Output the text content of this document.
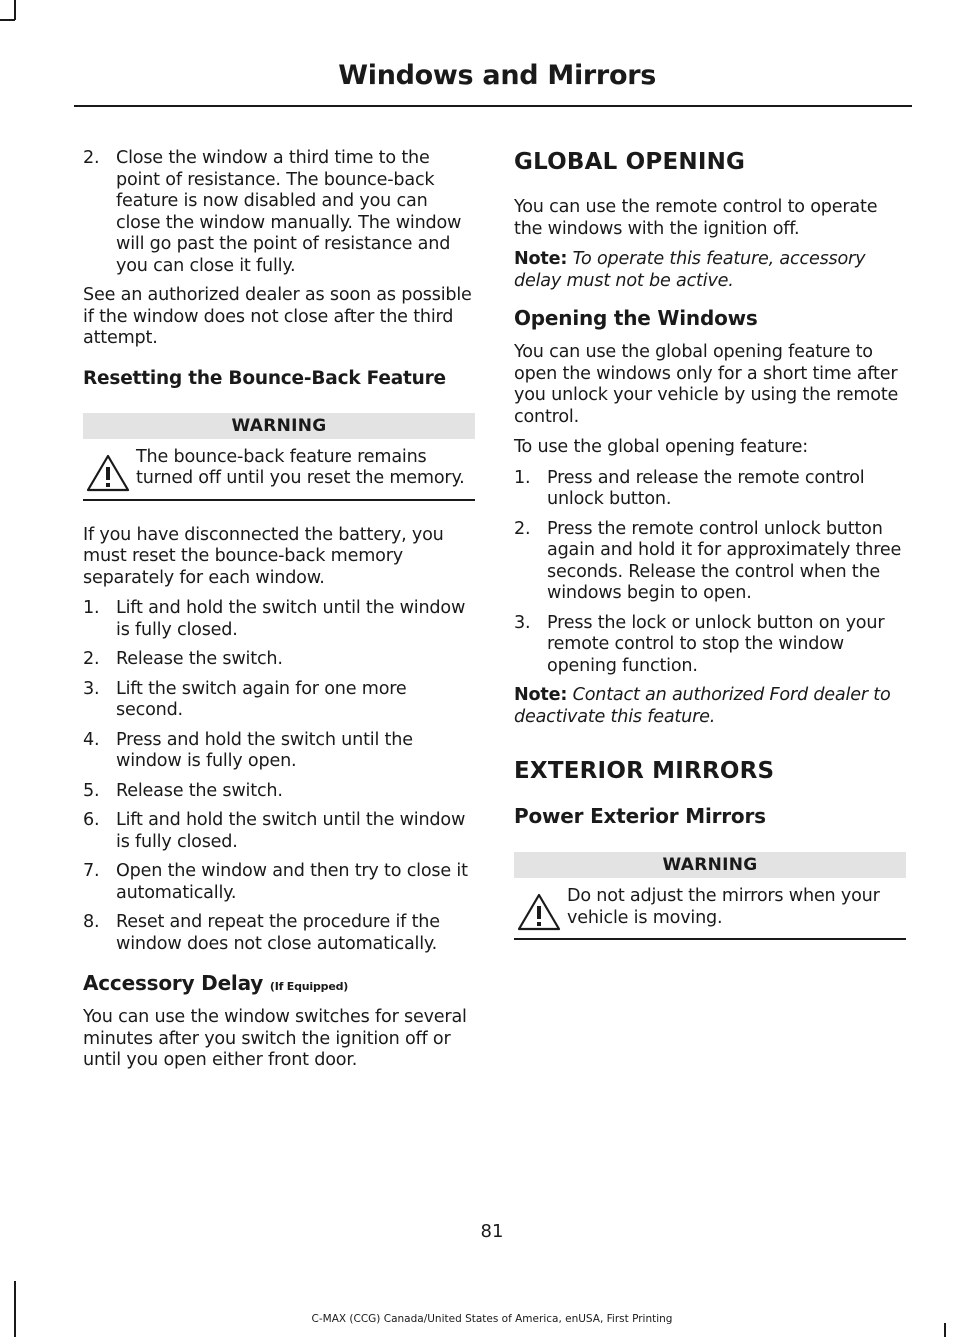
Windows and Mirrors
2. Close the window a third time to the point of resistance. The bounce-back feature is now disabled and you can close the window manually. The window will go past the point of resistance and you can close it fully.

See an authorized dealer as soon as possible if the window does not close after the third attempt.

Resetting the Bounce-Back Feature
WARNING

The bounce-back feature remains turned off until you reset the memory.

If you have disconnected the battery, you must reset the bounce-back memory separately for each window.

1. Lift and hold the switch until the window is fully closed.
2. Release the switch.
3. Lift the switch again for one more second.
4. Press and hold the switch until the window is fully open.
5. Release the switch.
6. Lift and hold the switch until the window is fully closed.
7. Open the window and then try to close it automatically.
8. Reset and repeat the procedure if the window does not close automatically.
Accessory Delay (If Equipped)

You can use the window switches for several minutes after you switch the ignition off or until you open either front door.

GLOBAL OPENING

You can use the remote control to operate the windows with the ignition off.

Note: To operate this feature, accessory delay must not be active.

Opening the Windows

You can use the global opening feature to open the windows only for a short time after you unlock your vehicle by using the remote control.

To use the global opening feature:

1. Press and release the remote control unlock button.
2. Press the remote control unlock button again and hold it for approximately three seconds. Release the control when the windows begin to open.
3. Press the lock or unlock button on your remote control to stop the window opening function.

Note: Contact an authorized Ford dealer to deactivate this feature.

EXTERIOR MIRRORS
Power Exterior Mirrors
WARNING

Do not adjust the mirrors when your vehicle is moving.

81
C-MAX (CCG) Canada/United States of America, enUSA, First Printing
